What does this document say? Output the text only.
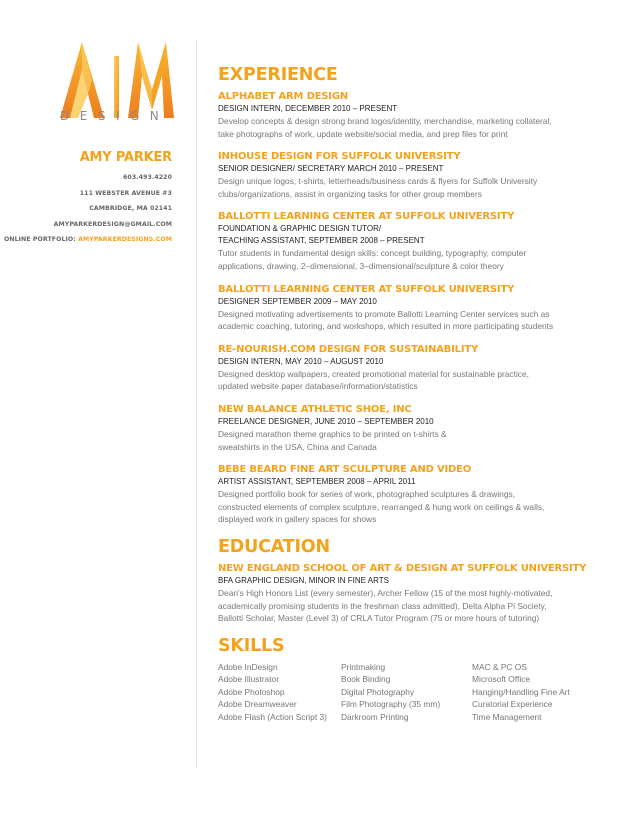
DESIGN
AMY PARKER
603.493.4220
111 WEBSTER AVENUE #3
CAMBRIDGE, MA 02141
AMYPARKERDESIGN@GMAIL.COM
ONLINE PORTFOLIO: AMYPARKERDESIGNS.COM
EXPERIENCE
ALPHABET ARM DESIGN
DESIGN INTERN, DECEMBER 2010 – PRESENT
Develop concepts & design strong brand logos/identity, merchandise, marketing collateral,
take photographs of work, update website/social media, and prep files for print
INHOUSE DESIGN FOR SUFFOLK UNIVERSITY
SENIOR DESIGNER/ SECRETARY MARCH 2010 – PRESENT
Design unique logos, t-shirts, letterheads/business cards & flyers for Suffolk University
clubs/organizations, assist in organizing tasks for other group members
BALLOTTI LEARNING CENTER AT SUFFOLK UNIVERSITY
FOUNDATION & GRAPHIC DESIGN TUTOR/
TEACHING ASSISTANT, SEPTEMBER 2008 – PRESENT
Tutor students in fundamental design skills: concept building, typography, computer
applications, drawing, 2–dimensional, 3–dimensional/sculpture & color theory
BALLOTTI LEARNING CENTER AT SUFFOLK UNIVERSITY
DESIGNER SEPTEMBER 2009 – MAY 2010
Designed motivating advertisements to promote Ballotti Learning Center services such as
academic coaching, tutoring, and workshops, which resulted in more participating students
RE-NOURISH.COM DESIGN FOR SUSTAINABILITY
DESIGN INTERN, MAY 2010 – AUGUST 2010
Designed desktop wallpapers, created promotional material for sustainable practice,
updated website paper database/information/statistics
NEW BALANCE ATHLETIC SHOE, INC
FREELANCE DESIGNER, JUNE 2010 – SEPTEMBER 2010
Designed marathon theme graphics to be printed on t-shirts &
sweatshirts in the USA, China and Canada
BEBE BEARD FINE ART SCULPTURE AND VIDEO
ARTIST ASSISTANT, SEPTEMBER 2008 – APRIL 2011
Designed portfolio book for series of work, photographed sculptures & drawings,
constructed elements of complex sculpture, rearranged & hung work on ceilings & walls,
displayed work in gallery spaces for shows
EDUCATION
NEW ENGLAND SCHOOL OF ART & DESIGN AT SUFFOLK UNIVERSITY
BFA GRAPHIC DESIGN, MINOR IN FINE ARTS
Dean's High Honors List (every semester), Archer Fellow (15 of the most highly-motivated,
academically promising students in the freshman class admitted), Delta Alpha Pi Society,
Ballotti Scholar, Master (Level 3) of CRLA Tutor Program (75 or more hours of tutoring)
SKILLS
Adobe InDesign
Adobe Illustrator
Adobe Photoshop
Adobe Dreamweaver
Adobe Flash (Action Script 3)
Printmaking
Book Binding
Digital Photography
Film Photography (35 mm)
Darkroom Printing
MAC & PC OS
Microsoft Office
Hanging/Handling Fine Art
Curatorial Experience
Time Management
